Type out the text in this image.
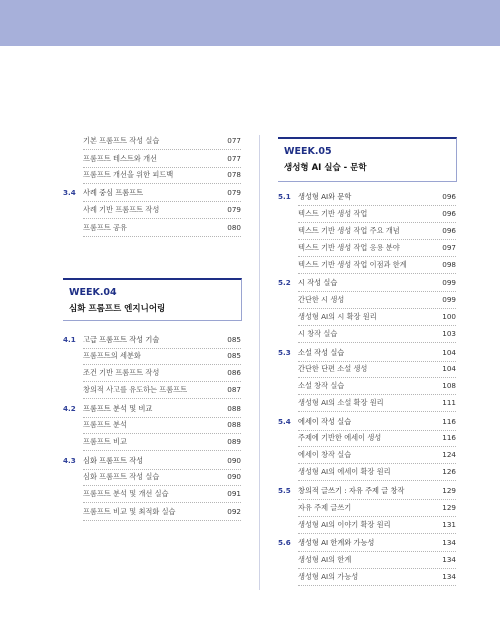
기본 프롬프트 작성 실습	077
프롬프트 테스트와 개선	077
프롬프트 개선을 위한 피드백	078
3.4 사례 중심 프롬프트	079
사례 기반 프롬프트 작성	079
프롬프트 공유	080
WEEK.04
심화 프롬프트 엔지니어링
4.1 고급 프롬프트 작성 기술	085
프롬프트의 세분화	085
조건 기반 프롬프트 작성	086
창의적 사고를 유도하는 프롬프트	087
4.2 프롬프트 분석 및 비교	088
프롬프트 분석	088
프롬프트 비교	089
4.3 심화 프롬프트 작성	090
심화 프롬프트 작성 실습	090
프롬프트 분석 및 개선 실습	091
프롬프트 비교 및 최적화 실습	092
WEEK.05
생성형 AI 실습 - 문학
5.1 생성형 AI와 문학	096
텍스트 기반 생성 작업	096
텍스트 기반 생성 작업 주요 개념	096
텍스트 기반 생성 작업 응용 분야	097
텍스트 기반 생성 작업 이점과 한계	098
5.2 시 작성 실습	099
간단한 시 생성	099
생성형 AI의 시 확장 원리	100
시 창작 실습	103
5.3 소설 작성 실습	104
간단한 단편 소설 생성	104
소설 창작 실습	108
생성형 AI의 소설 확장 원리	111
5.4 에세이 작성 실습	116
주제에 기반한 에세이 생성	116
에세이 창작 실습	124
생성형 AI의 에세이 확장 원리	126
5.5 창의적 글쓰기 : 자유 주제 글 창작	129
자유 주제 글쓰기	129
생성형 AI의 이야기 확장 원리	131
5.6 생성형 AI 한계와 가능성	134
생성형 AI의 한계	134
생성형 AI의 가능성	134
